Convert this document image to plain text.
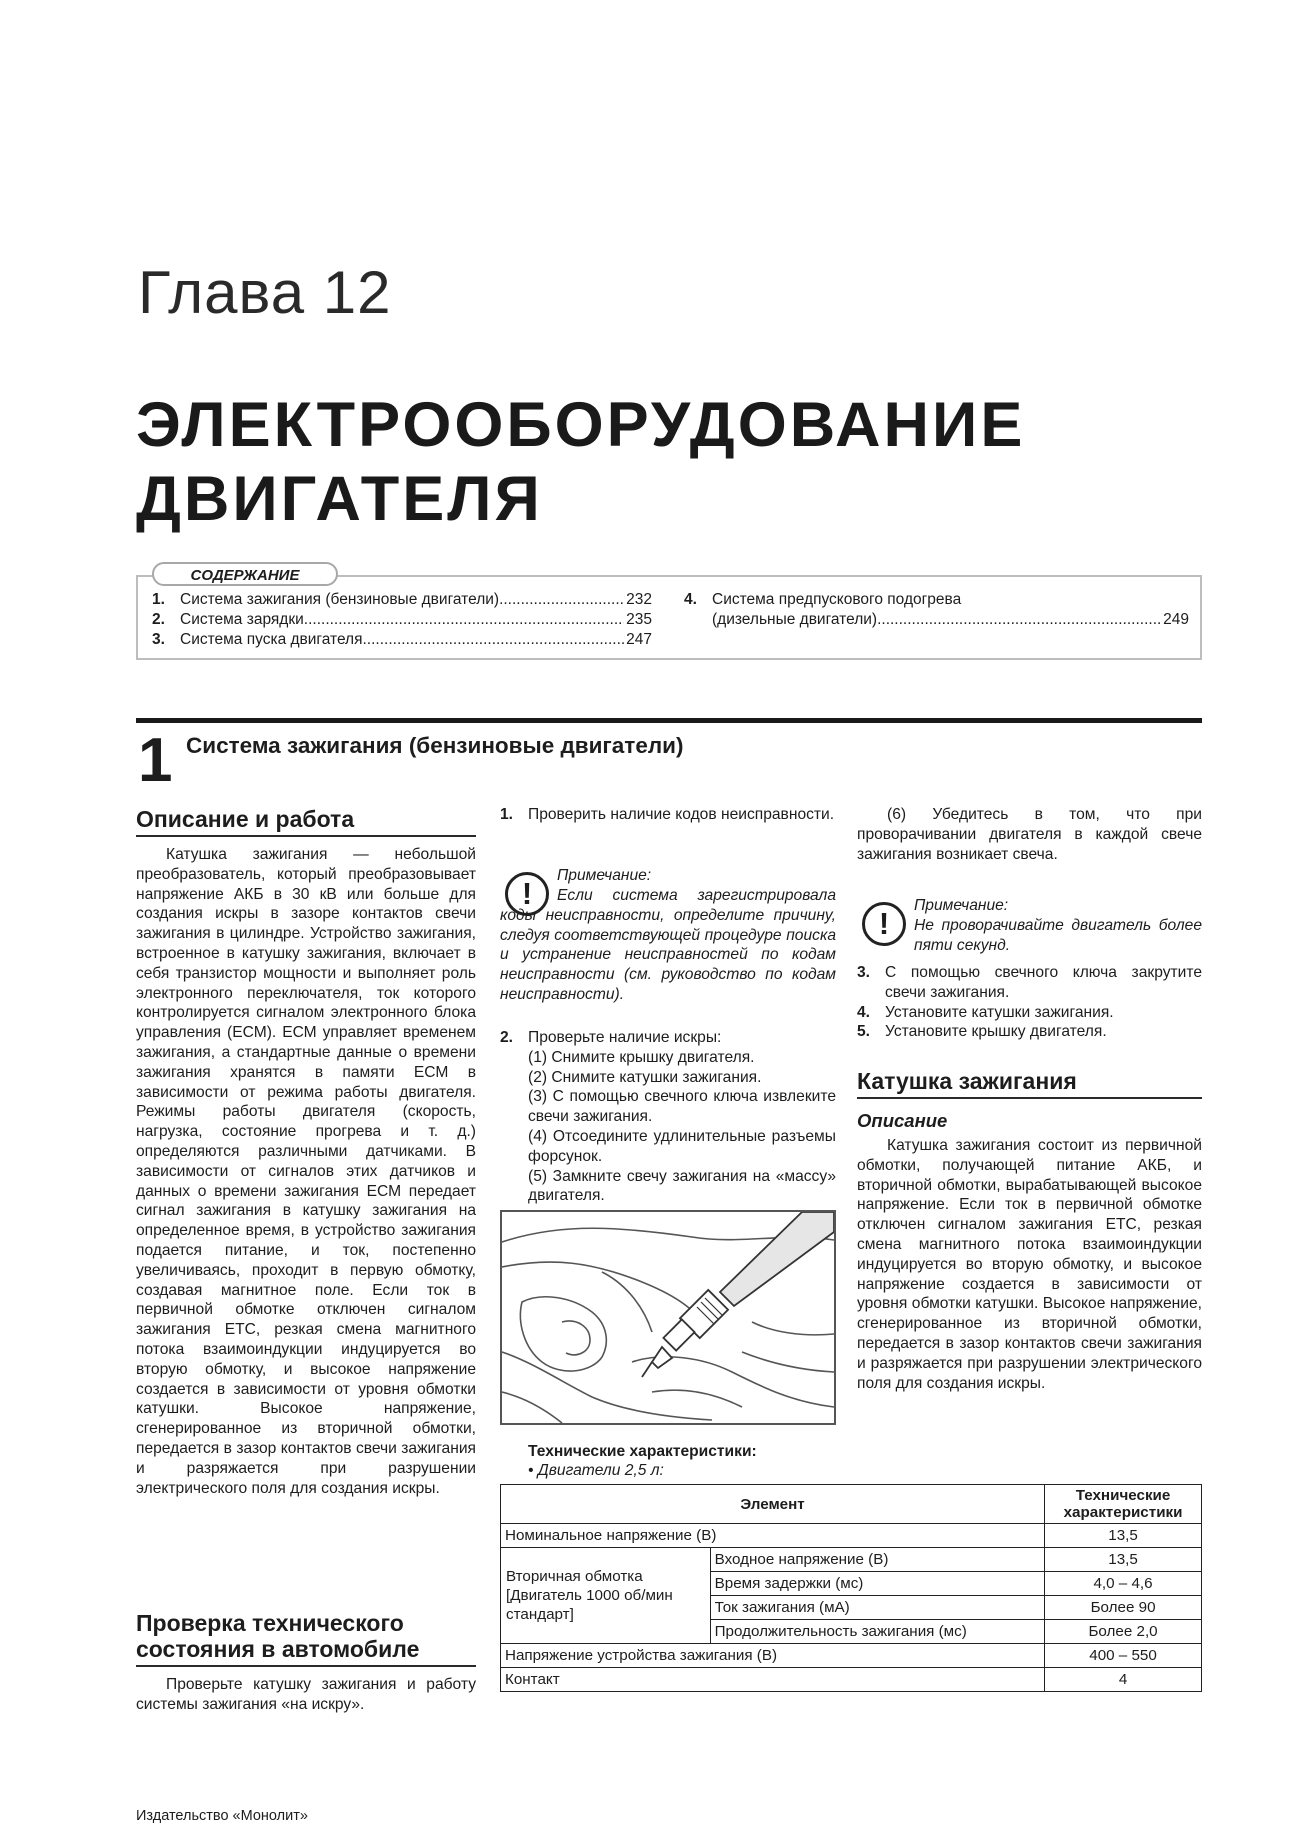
Глава 12
ЭЛЕКТРООБОРУДОВАНИЕ
ДВИГАТЕЛЯ
СОДЕРЖАНИЕ
1. Система зажигания (бензиновые двигатели) .....	232
2. Система зарядки .....	235
3. Система пуска двигателя .....	247
4. Система предпускового подогрева
(дизельные двигатели) .....	249
1 Система зажигания (бензиновые двигатели)
Описание и работа

Катушка зажигания — небольшой преобразователь, который преобразовывает напряжение АКБ в 30 кВ или больше для создания искры в зазоре контактов свечи зажигания в цилиндре. Устройство зажигания, встроенное в катушку зажигания, включает в себя транзистор мощности и выполняет роль электронного переключателя, ток которого контролируется сигналом электронного блока управления (ЕСМ). ЕСМ управляет временем зажигания, а стандартные данные о времени зажигания хранятся в памяти ЕСМ в зависимости от режима работы двигателя. Режимы работы двигателя (скорость, нагрузка, состояние прогрева и т. д.) определяются различными датчиками. В зависимости от сигналов этих датчиков и данных о времени зажигания ЕСМ передает сигнал зажигания в катушку зажигания на определенное время, в устройство зажигания подается питание, и ток, постепенно увеличиваясь, проходит в первую обмотку, создавая магнитное поле. Если ток в первичной обмотке отключен сигналом зажигания ЕТС, резкая смена магнитного потока взаимоиндукции индуцируется во вторую обмотку, и высокое напряжение создается в зависимости от уровня обмотки катушки. Высокое напряжение, сгенерированное из вторичной обмотки, передается в зазор контактов свечи зажигания и разряжается при разрушении электрического поля для создания искры.

Проверка технического
состояния в автомобиле

Проверьте катушку зажигания и работу системы зажигания «на искру».

1. Проверить наличие кодов неисправности.
!
Примечание:

Если система зарегистрировала коды неисправности, определите причину, следуя соответствующей процедуре поиска и устранение неисправностей по кодам неисправности (см. руководство по кодам неисправности).

2. Проверьте наличие искры:
(1) Снимите крышку двигателя.
(2) Снимите катушки зажигания.
(3) С помощью свечного ключа извлеките свечи зажигания.
(4) Отсоедините удлинительные разъемы форсунок.
(5) Замкните свечу зажигания на «массу» двигателя.

(6) Убедитесь в том, что при проворачивании двигателя в каждой свече зажигания возникает свеча.

!
Примечание:
Не проворачивайте двигатель более пяти секунд.
3. С помощью свечного ключа закрутите свечи зажигания.
4. Установите катушки зажигания.
5. Установите крышку двигателя.
Катушка зажигания
Описание

Катушка зажигания состоит из первичной обмотки, получающей питание АКБ, и вторичной обмотки, вырабатывающей высокое напряжение. Если ток в первичной обмотке отключен сигналом зажигания ЕТС, резкая смена магнитного потока взаимоиндукции индуцируется во вторую обмотку, и высокое напряжение создается в зависимости от уровня обмотки катушки. Высокое напряжение, сгенерированное из вторичной обмотки, передается в зазор контактов свечи зажигания и разряжается при разрушении электрического поля для создания искры.

Технические характеристики:
• Двигатели 2,5 л:
Элемент		Технические характеристики
Номинальное напряжение (В)		13,5
Вторичная обмотка [Двигатель 1000 об/мин стандарт]	Входное напряжение (В)	13,5
	Время задержки (мс)	4,0 – 4,6
	Ток зажигания (мА)	Более 90
	Продолжительность зажигания (мс)	Более 2,0
Напряжение устройства зажигания (В)		400 – 550
Контакт		4
Издательство «Монолит»
